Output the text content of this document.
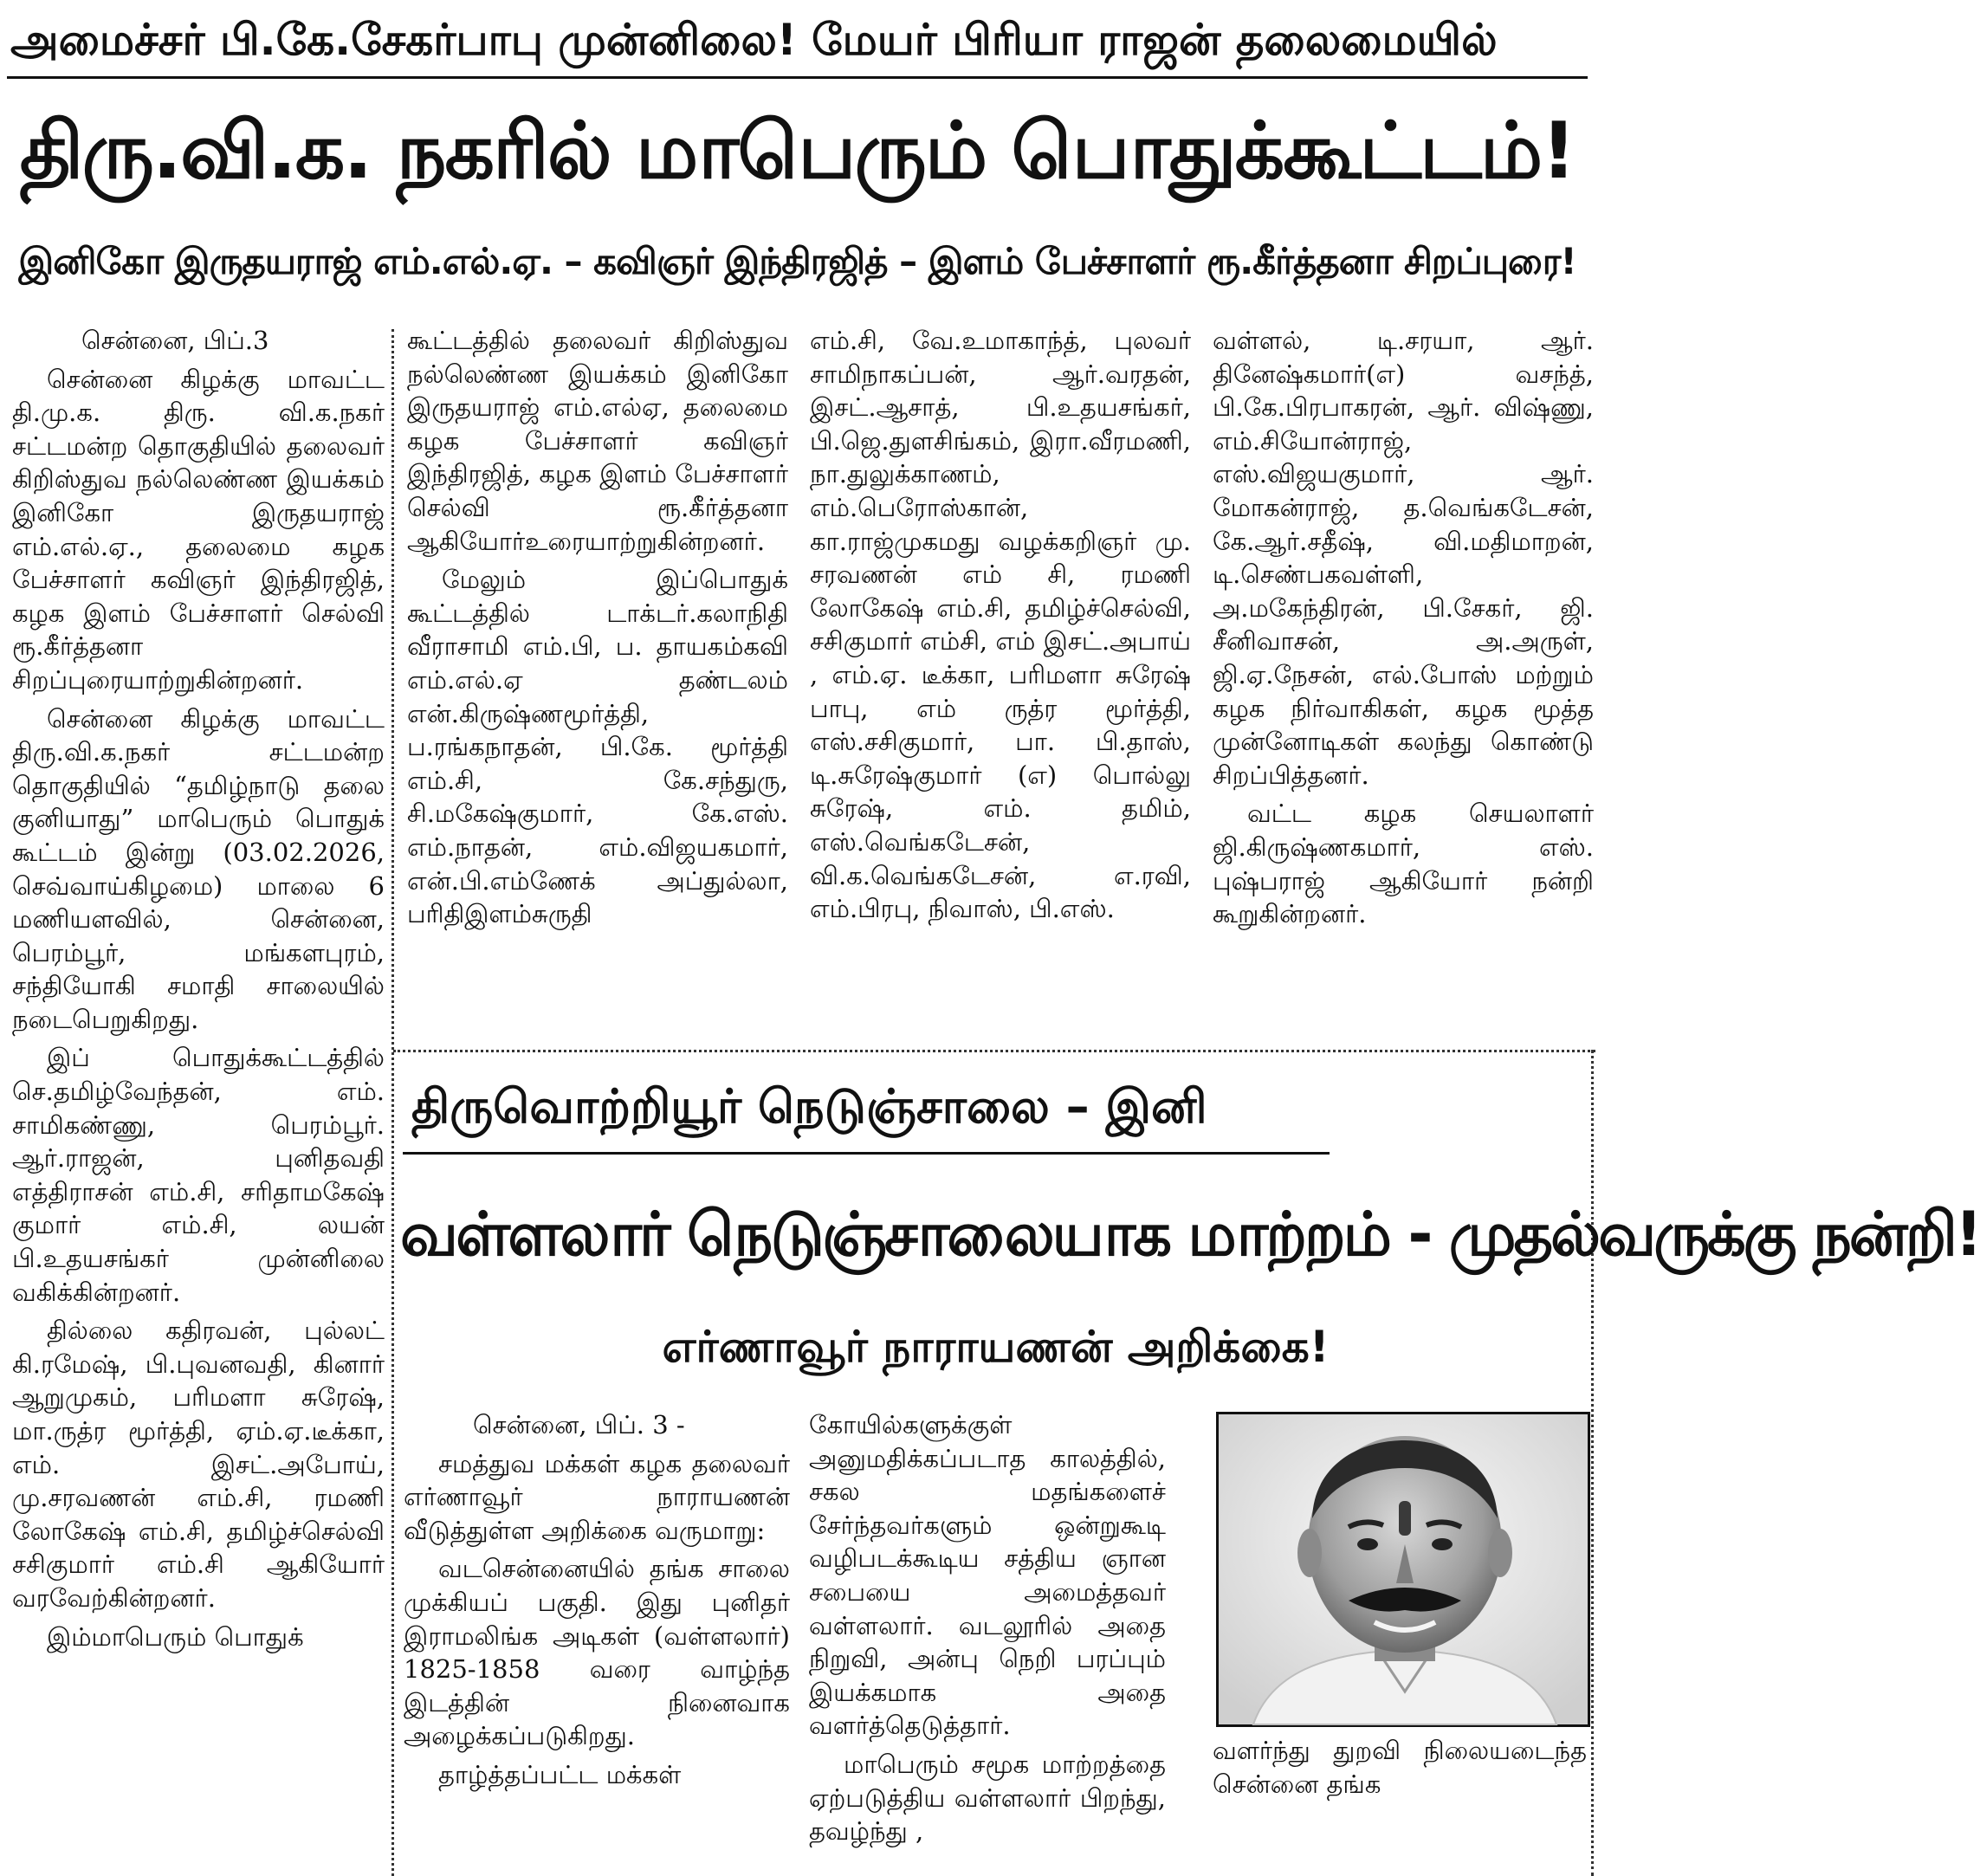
அமைச்சர் பி.கே.சேகர்பாபு முன்னிலை! மேயர் பிரியா ராஜன் தலைமையில்
திரு.வி.க. நகரில் மாபெரும் பொதுக்கூட்டம்!
இனிகோ இருதயராஜ் எம்.எல்.ஏ. – கவிஞர் இந்திரஜித் – இளம் பேச்சாளர் ரூ.கீர்த்தனா சிறப்புரை!

சென்னை, பிப்.3

சென்னை கிழக்கு மாவட்ட தி.மு.க. திரு. வி.க.நகர் சட்டமன்ற தொகுதியில் தலைவர் கிறிஸ்துவ நல்லெண்ண இயக்கம் இனிகோ இருதயராஜ் எம்.எல்.ஏ., தலைமை கழக பேச்சாளர் கவிஞர் இந்திரஜித், கழக இளம் பேச்சாளர் செல்வி ரூ.கீர்த்தனா சிறப்புரையாற்றுகின்றனர்.

சென்னை கிழக்கு மாவட்ட திரு.வி.க.நகர் சட்டமன்ற தொகுதியில் “தமிழ்நாடு தலை குனியாது” மாபெரும் பொதுக் கூட்டம் இன்று (03.02.2026, செவ்வாய்கிழமை) மாலை 6 மணியளவில், சென்னை, பெரம்பூர், மங்களபுரம், சந்தியோகி சமாதி சாலையில் நடைபெறுகிறது.

இப் பொதுக்கூட்டத்தில் செ.தமிழ்வேந்தன், எம். சாமிகண்ணு, பெரம்பூர். ஆர்.ராஜன், புனிதவதி எத்திராசன் எம்.சி, சரிதாமகேஷ் குமார் எம்.சி, லயன் பி.உதயசங்கர் முன்னிலை வகிக்கின்றனர்.

தில்லை கதிரவன், புல்லட் கி.ரமேஷ், பி.புவனவதி, கினார் ஆறுமுகம், பரிமளா சுரேஷ், மா.ருத்ர மூர்த்தி, ஏம்.ஏ.டீக்கா, எம். இசட்.அபோய், மு.சரவணன் எம்.சி, ரமணி லோகேஷ் எம்.சி, தமிழ்ச்செல்வி சசிகுமார் எம்.சி ஆகியோர் வரவேற்கின்றனர்.

இம்மாபெரும் பொதுக்

கூட்டத்தில் தலைவர் கிறிஸ்துவ நல்லெண்ண இயக்கம் இனிகோ இருதயராஜ் எம்.எல்ஏ, தலைமை கழக பேச்சாளர் கவிஞர் இந்திரஜித், கழக இளம் பேச்சாளர் செல்வி ரூ.கீர்த்தனா ஆகியோர்உரையாற்றுகின்றனர்.

மேலும் இப்பொதுக் கூட்டத்தில் டாக்டர்.கலாநிதி வீராசாமி எம்.பி, ப. தாயகம்கவி எம்.எல்.ஏ தண்டலம் என்.கிருஷ்ணமூர்த்தி, ப.ரங்கநாதன், பி.கே. மூர்த்தி எம்.சி, கே.சந்துரு, சி.மகேஷ்குமார், கே.எஸ். எம்.நாதன், எம்.விஜயகமார், என்.பி.எம்ணேக் அப்துல்லா, பரிதிஇளம்சுருதி

எம்.சி, வே.உமாகாந்த், புலவர் சாமிநாகப்பன், ஆர்.வரதன், இசட்.ஆசாத், பி.உதயசங்கர், பி.ஜெ.துளசிங்கம், இரா.வீரமணி, நா.துலுக்காணம், எம்.பெரோஸ்கான், கா.ராஜ்முகமது வழக்கறிஞர் மு. சரவணன் எம் சி, ரமணி லோகேஷ் எம்.சி, தமிழ்ச்செல்வி, சசிகுமார் எம்சி, எம் இசட்.அபாய் , எம்.ஏ. டீக்கா, பரிமளா சுரேஷ் பாபு, எம் ருத்ர மூர்த்தி, எஸ்.சசிகுமார், பா. பி.தாஸ், டி.சுரேஷ்குமார் (எ) பொல்லு சுரேஷ், எம். தமிம், எஸ்.வெங்கடேசன், வி.க.வெங்கடேசன், எ.ரவி, எம்.பிரபு, நிவாஸ், பி.எஸ்.

வள்ளல், டி.சரயா, ஆர். தினேஷ்கமார்(எ) வசந்த், பி.கே.பிரபாகரன், ஆர். விஷ்ணு, எம்.சியோன்ராஜ், எஸ்.விஜயகுமார், ஆர். மோகன்ராஜ், த.வெங்கடேசன், கே.ஆர்.சதீஷ், வி.மதிமாறன், டி.செண்பகவள்ளி, அ.மகேந்திரன், பி.சேகர், ஜி. சீனிவாசன், அ.அருள், ஜி.ஏ.நேசன், எல்.போஸ் மற்றும் கழக நிர்வாகிகள், கழக மூத்த முன்னோடிகள் கலந்து கொண்டு சிறப்பித்தனர்.

வட்ட கழக செயலாளர் ஜி.கிருஷ்ணகமார், எஸ். புஷ்பராஜ் ஆகியோர் நன்றி கூறுகின்றனர்.

திருவொற்றியூர் நெடுஞ்சாலை – இனி
வள்ளலார் நெடுஞ்சாலையாக மாற்றம் - முதல்வருக்கு நன்றி!
எர்ணாவூர் நாராயணன் அறிக்கை!

சென்னை, பிப். 3 -

சமத்துவ மக்கள் கழக தலைவர் எர்ணாவூர் நாராயணன் வீடுத்துள்ள அறிக்கை வருமாறு:

வடசென்னையில் தங்க சாலை முக்கியப் பகுதி. இது புனிதர் இராமலிங்க அடிகள் (வள்ளலார்) 1825-1858 வரை வாழ்ந்த இடத்தின் நினைவாக அழைக்கப்படுகிறது.

தாழ்த்தப்பட்ட மக்கள்

கோயில்களுக்குள் அனுமதிக்கப்படாத காலத்தில், சகல மதங்களைச் சேர்ந்தவர்களும் ஒன்றுகூடி வழிபடக்கூடிய சத்திய ஞான சபையை அமைத்தவர் வள்ளலார். வடலூரில் அதை நிறுவி, அன்பு நெறி பரப்பும் இயக்கமாக அதை வளர்த்தெடுத்தார்.

மாபெரும் சமூக மாற்றத்தை ஏற்படுத்திய வள்ளலார் பிறந்து, தவழ்ந்து ,

வளர்ந்து துறவி நிலையடைந்த சென்னை தங்க
